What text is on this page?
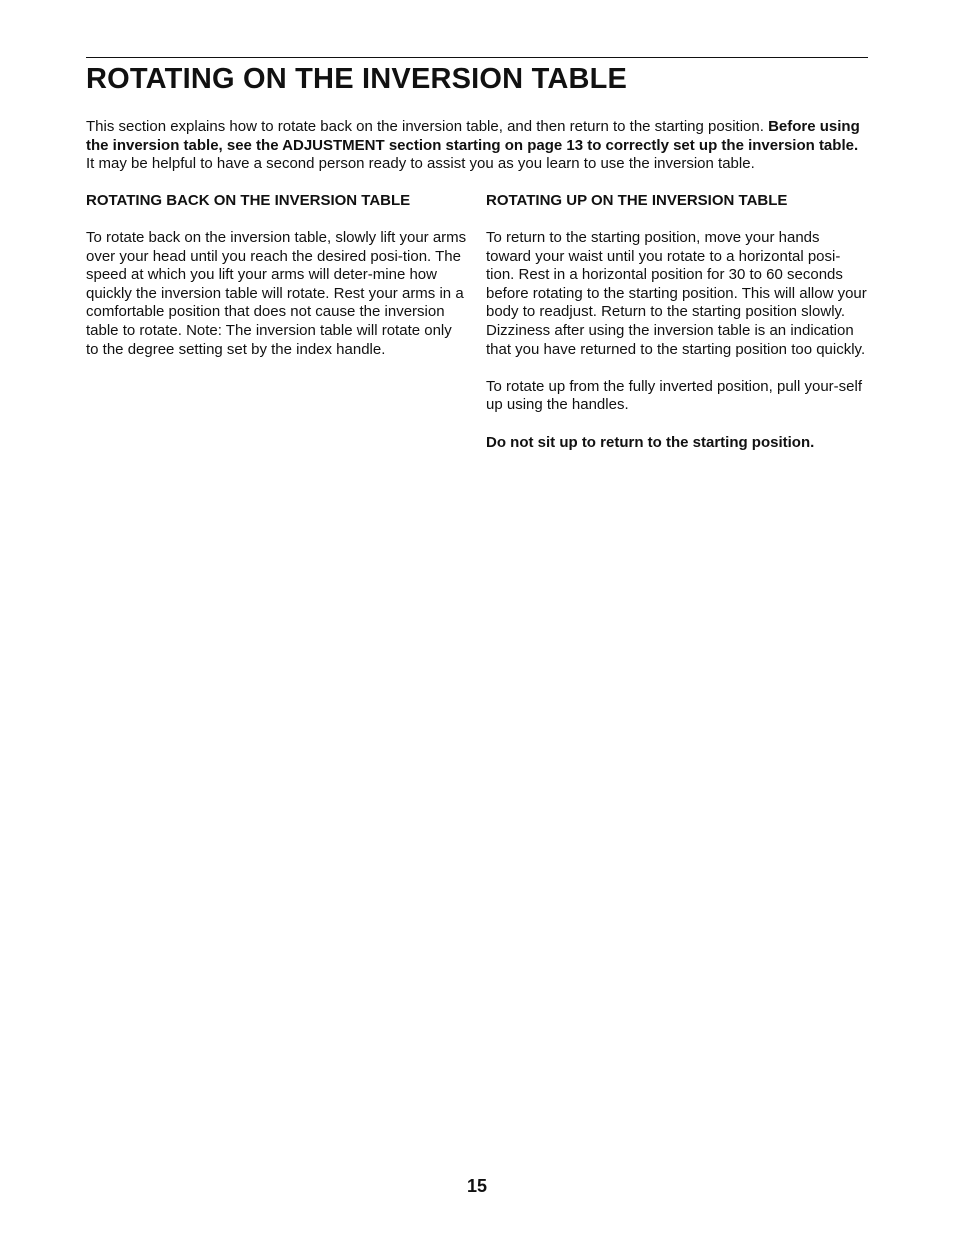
ROTATING ON THE INVERSION TABLE

This section explains how to rotate back on the inversion table, and then return to the starting position. Before using the inversion table, see the ADJUSTMENT section starting on page 13 to correctly set up the inversion table. It may be helpful to have a second person ready to assist you as you learn to use the inversion table.

ROTATING BACK ON THE INVERSION TABLE

To rotate back on the inversion table, slowly lift your arms over your head until you reach the desired posi-tion. The speed at which you lift your arms will deter-mine how quickly the inversion table will rotate. Rest your arms in a comfortable position that does not cause the inversion table to rotate. Note: The inversion table will rotate only to the degree setting set by the index handle.

ROTATING UP ON THE INVERSION TABLE

To return to the starting position, move your hands toward your waist until you rotate to a horizontal posi-tion. Rest in a horizontal position for 30 to 60 seconds before rotating to the starting position. This will allow your body to readjust. Return to the starting position slowly. Dizziness after using the inversion table is an indication that you have returned to the starting position too quickly.

To rotate up from the fully inverted position, pull your-self up using the handles.

Do not sit up to return to the starting position.

15
